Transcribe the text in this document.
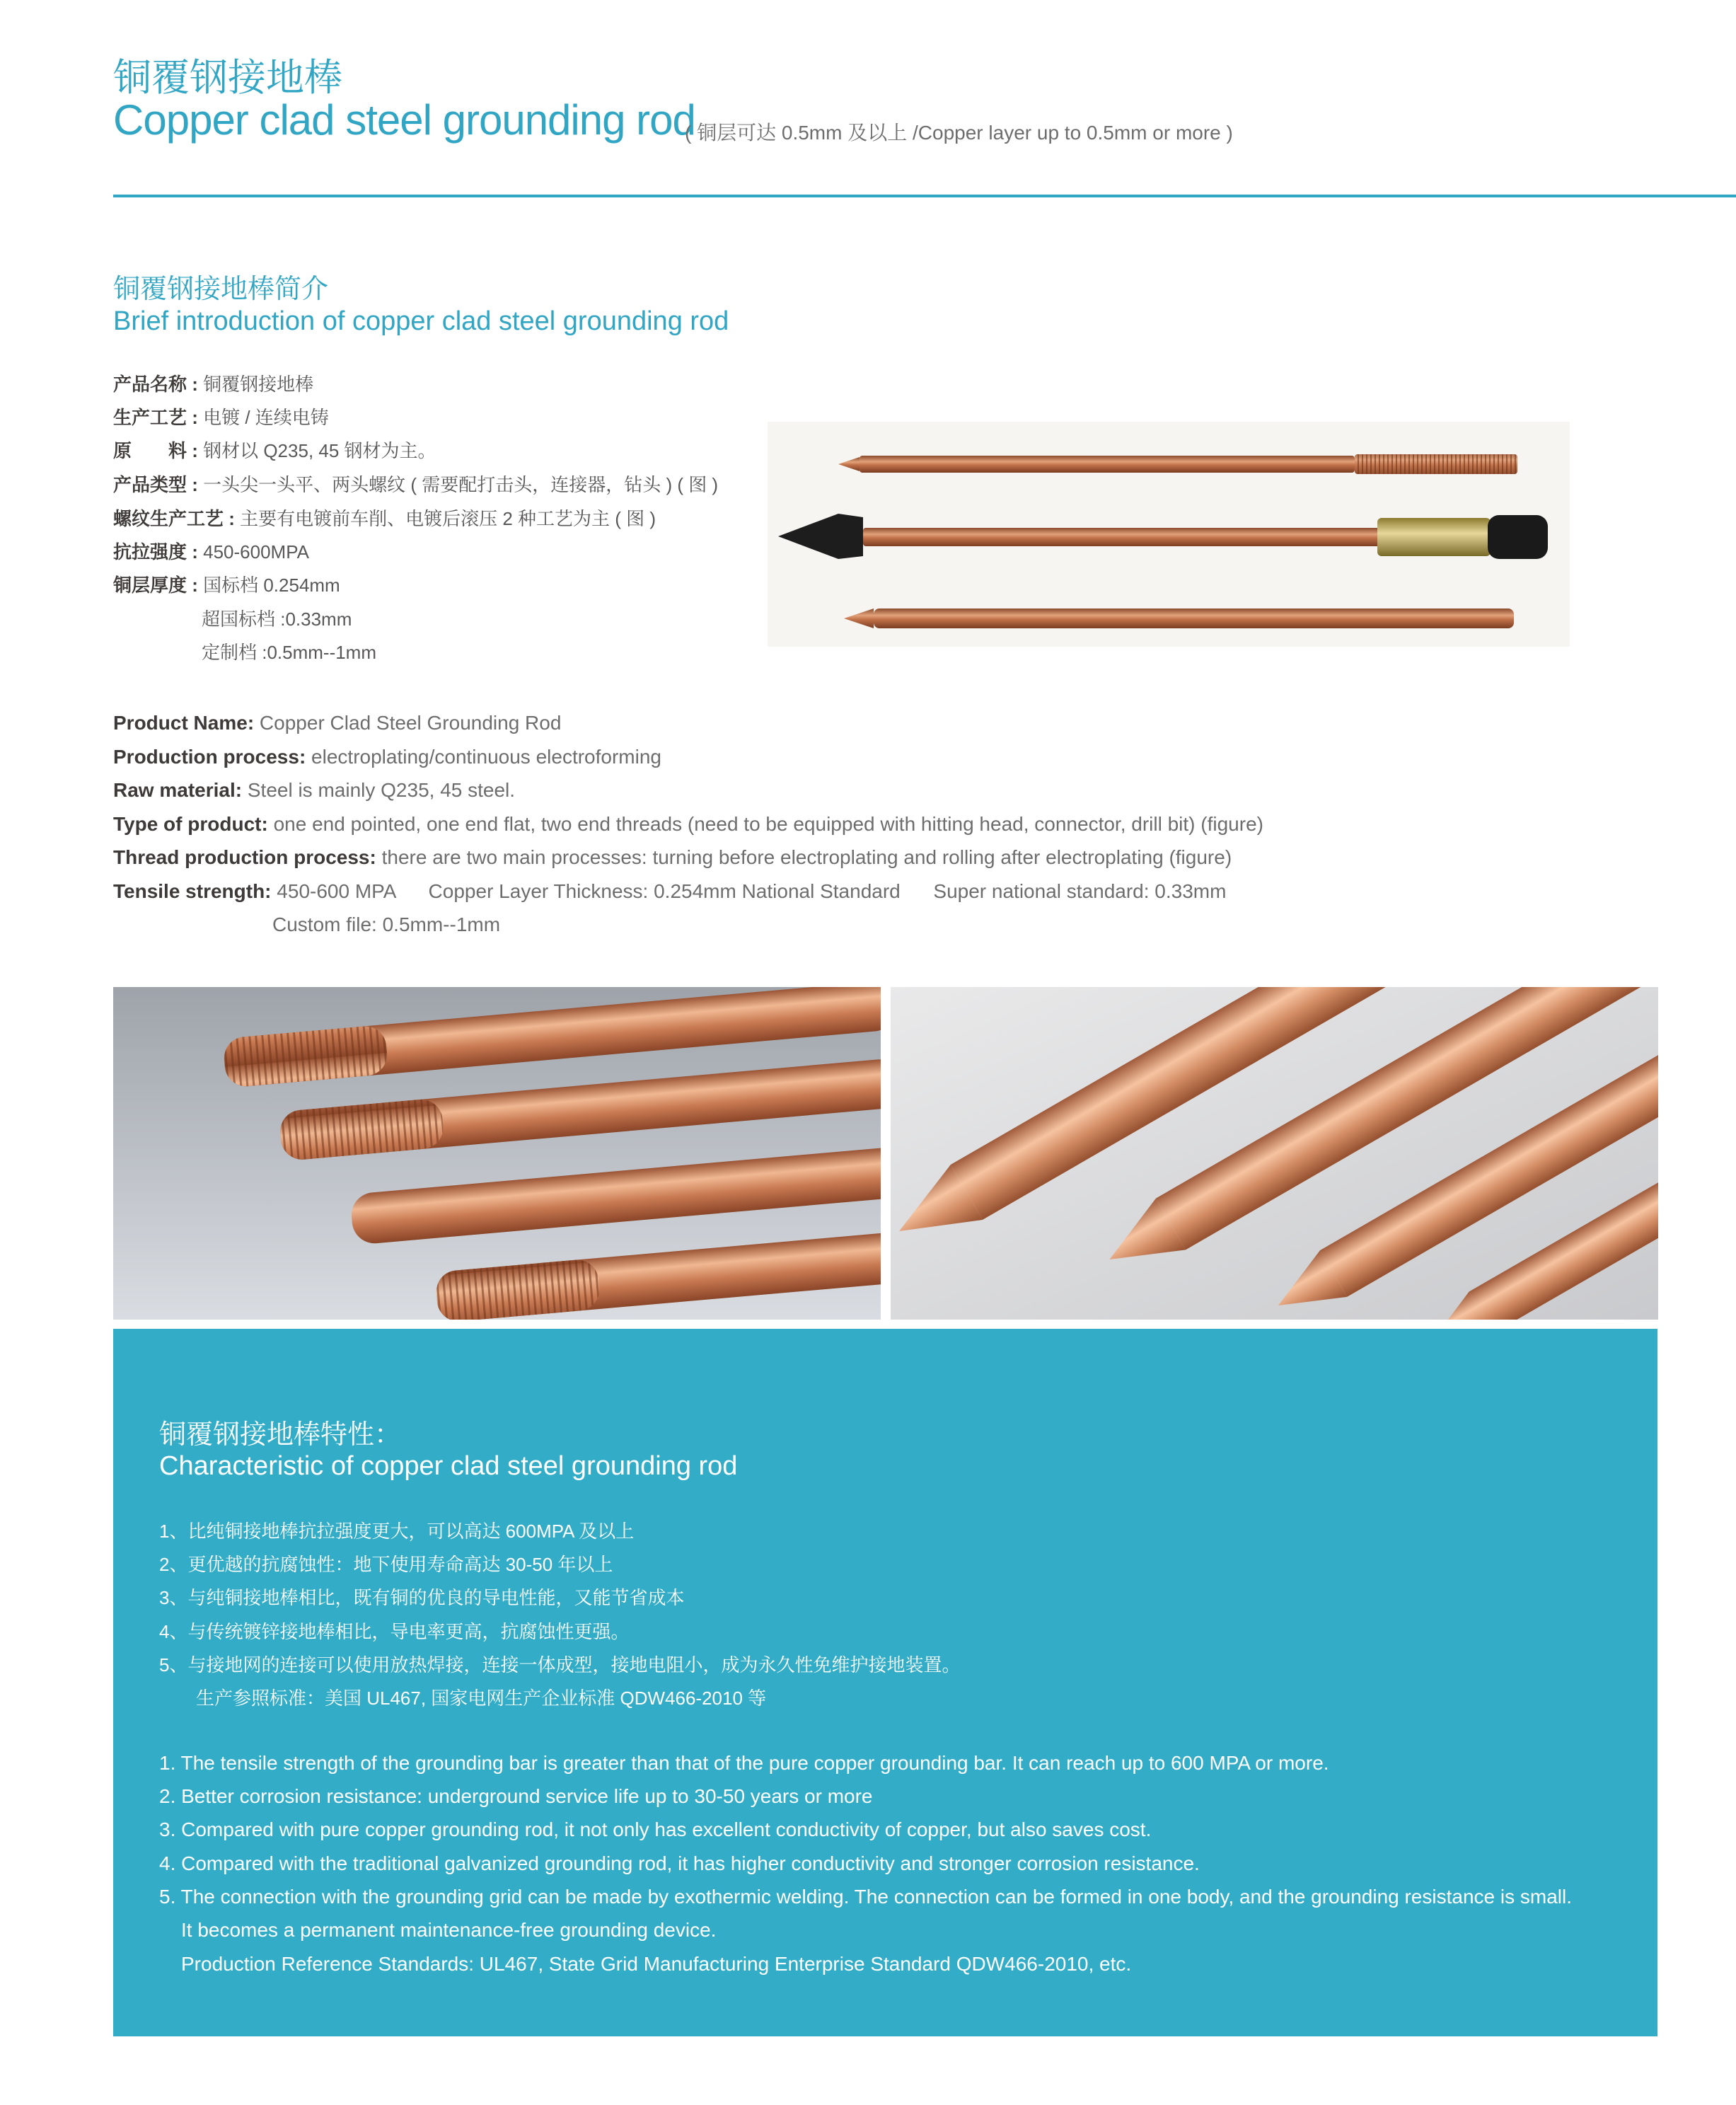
铜覆钢接地棒
Copper clad steel grounding rod
( 铜层可达 0.5mm 及以上 /Copper layer up to 0.5mm or more )
铜覆钢接地棒简介
Brief introduction of copper clad steel grounding rod
产品名称 : 铜覆钢接地棒
生产工艺 : 电镀 / 连续电铸
原　　料 : 钢材以 Q235, 45 钢材为主。
产品类型 : 一头尖一头平、两头螺纹 ( 需要配打击头，连接器，钻头 ) ( 图 )
螺纹生产工艺 : 主要有电镀前车削、电镀后滚压 2 种工艺为主 ( 图 )
抗拉强度 : 450-600MPA
铜层厚度 : 国标档 0.254mm
超国标档 :0.33mm
定制档 :0.5mm--1mm
Product Name: Copper Clad Steel Grounding Rod
Production process: electroplating/continuous electroforming
Raw material: Steel is mainly Q235, 45 steel.
Type of product: one end pointed, one end flat, two end threads (need to be equipped with hitting head, connector, drill bit) (figure)
Thread production process: there are two main processes: turning before electroplating and rolling after electroplating (figure)
Tensile strength: 450-600 MPA      Copper Layer Thickness: 0.254mm National Standard      Super national standard: 0.33mm
Custom file: 0.5mm--1mm
铜覆钢接地棒特性：
Characteristic of copper clad steel grounding rod
1、比纯铜接地棒抗拉强度更大，可以高达 600MPA 及以上
2、更优越的抗腐蚀性：地下使用寿命高达 30-50 年以上
3、与纯铜接地棒相比，既有铜的优良的导电性能，又能节省成本
4、与传统镀锌接地棒相比，导电率更高，抗腐蚀性更强。
5、与接地网的连接可以使用放热焊接，连接一体成型，接地电阻小，成为永久性免维护接地装置。
　　生产参照标准：美国 UL467, 国家电网生产企业标准 QDW466-2010 等
1. The tensile strength of the grounding bar is greater than that of the pure copper grounding bar. It can reach up to 600 MPA or more.
2. Better corrosion resistance: underground service life up to 30-50 years or more
3. Compared with pure copper grounding rod, it not only has excellent conductivity of copper, but also saves cost.
4. Compared with the traditional galvanized grounding rod, it has higher conductivity and stronger corrosion resistance.
5. The connection with the grounding grid can be made by exothermic welding. The connection can be formed in one body, and the grounding resistance is small.
It becomes a permanent maintenance-free grounding device.
Production Reference Standards: UL467, State Grid Manufacturing Enterprise Standard QDW466-2010, etc.
